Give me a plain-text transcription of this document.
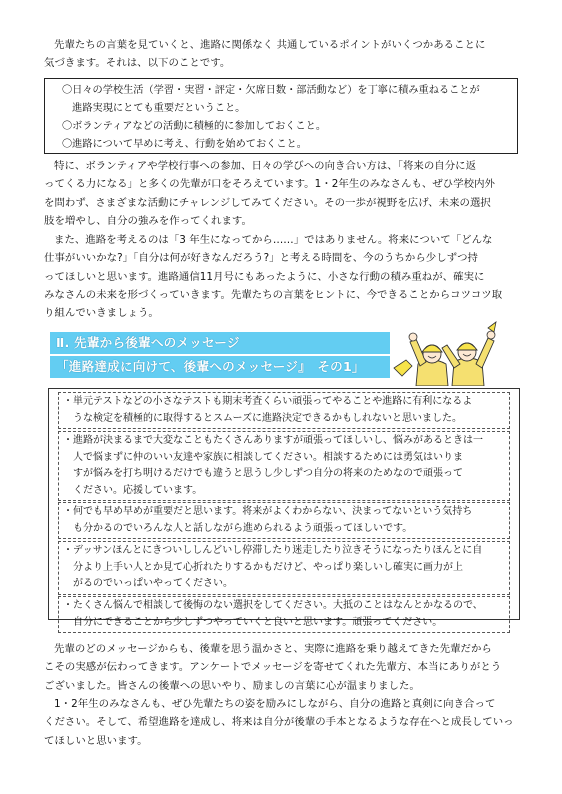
先輩たちの言葉を見ていくと、進路に関係なく 共通しているポイントがいくつかあることに
気づきます。それは、以下のことです。
〇日々の学校生活（学習・実習・評定・欠席日数・部活動など）を丁寧に積み重ねることが
　進路実現にとても重要だということ。
〇ボランティアなどの活動に積極的に参加しておくこと。
〇進路について早めに考え、行動を始めておくこと。
特に、ボランティアや学校行事への参加、日々の学びへの向き合い方は、「将来の自分に返
ってくる力になる」と多くの先輩が口をそろえています。1・2年生のみなさんも、ぜひ学校内外
を問わず、さまざまな活動にチャレンジしてみてください。その一歩が視野を広げ、未来の選択
肢を増やし、自分の強みを作ってくれます。
また、進路を考えるのは「3 年生になってから……」ではありません。将来について「どんな
仕事がいいかな?」「自分は何が好きなんだろう?」と考える時間を、今のうちから少しずつ持
ってほしいと思います。進路通信11月号にもあったように、小さな行動の積み重ねが、確実に
みなさんの未来を形づくっていきます。先輩たちの言葉をヒントに、今できることからコツコツ取
り組んでいきましょう。
Ⅱ. 先輩から後輩へのメッセージ
「進路達成に向けて、後輩へのメッセージ』　その1」
・単元テストなどの小さなテストも期末考査くらい頑張ってやることや進路に有利になるよ
うな検定を積極的に取得するとスムーズに進路決定できるかもしれないと思いました。
・進路が決まるまで大変なこともたくさんありますが頑張ってほしいし、悩みがあるときは一
人で悩まずに仲のいい友達や家族に相談してください。相談するためには勇気はいりま
すが悩みを打ち明けるだけでも違うと思うし少しずつ自分の将来のためなので頑張って
ください。応援しています。
・何でも早め早めが重要だと思います。将来がよくわからない、決まってないという気持ち
も分かるのでいろんな人と話しながら進められるよう頑張ってほしいです。
・デッサンほんとにきついししんどいし停滞したり迷走したり泣きそうになったりほんとに自
分より上手い人とか見て心折れたりするかもだけど、やっぱり楽しいし確実に画力が上
がるのでいっぱいやってください。
・たくさん悩んで相談して後悔のない選択をしてください。大抵のことはなんとかなるので、
自分にできることから少しずつやっていくと良いと思います。頑張ってください。
先輩のどのメッセージからも、後輩を思う温かさと、実際に進路を乗り越えてきた先輩だから
こその実感が伝わってきます。アンケートでメッセージを寄せてくれた先輩方、本当にありがとう
ございました。皆さんの後輩への思いやり、励ましの言葉に心が温まりました。
1・2年生のみなさんも、ぜひ先輩たちの姿を励みにしながら、自分の進路と真剣に向き合って
ください。そして、希望進路を達成し、将来は自分が後輩の手本となるような存在へと成長していっ
てほしいと思います。
